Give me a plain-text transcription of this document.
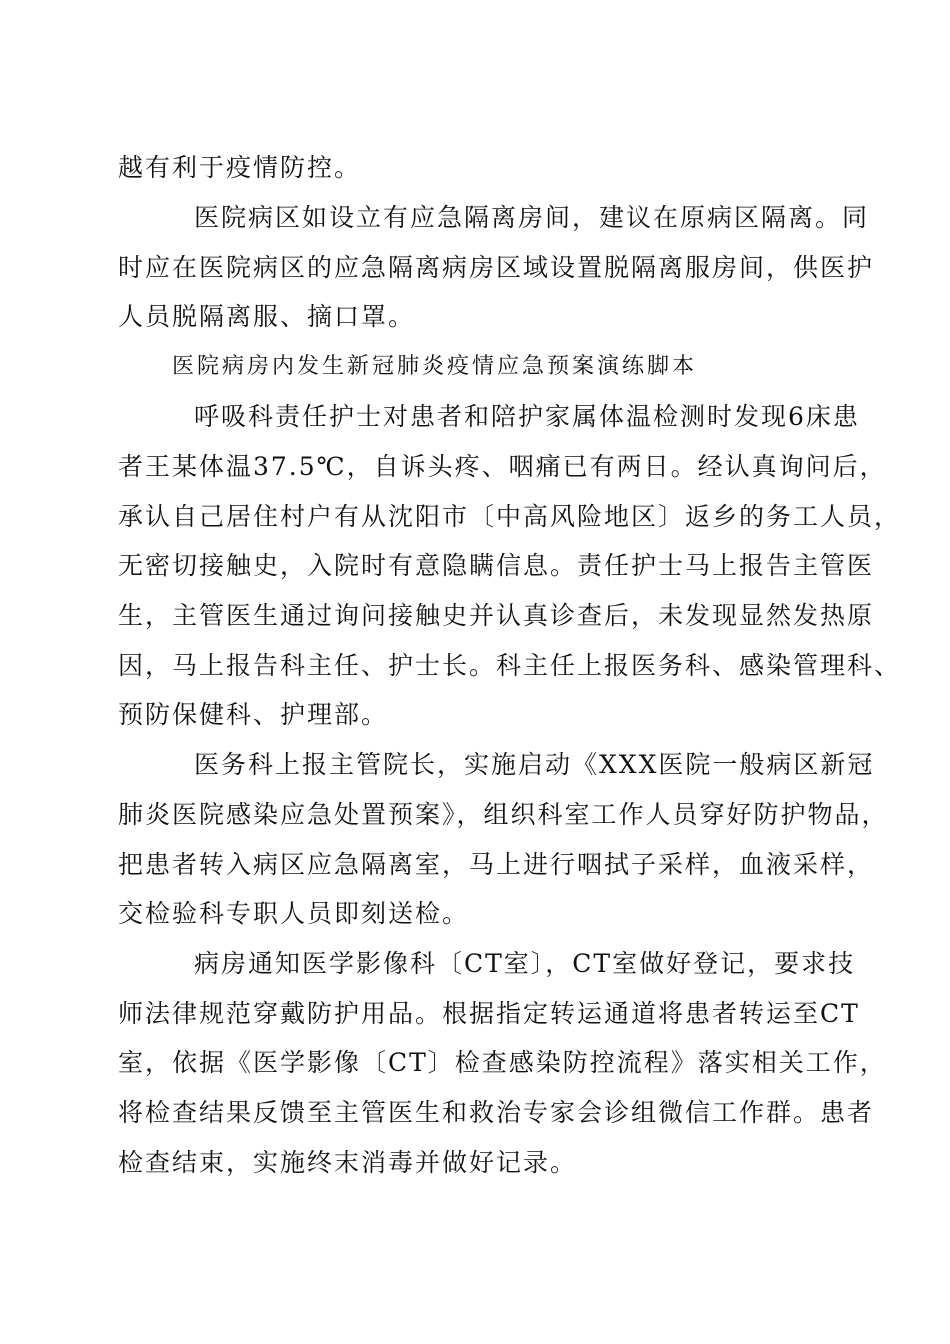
越有利于疫情防控。
医院病区如设立有应急隔离房间，建议在原病区隔离。同
时应在医院病区的应急隔离病房区域设置脱隔离服房间，供医护
人员脱隔离服、摘口罩。
医院病房内发生新冠肺炎疫情应急预案演练脚本
呼吸科责任护士对患者和陪护家属体温检测时发现6床患
者王某体温37.5℃，自诉头疼、咽痛已有两日。经认真询问后，
承认自己居住村户有从沈阳市〔中高风险地区〕返乡的务工人员，
无密切接触史，入院时有意隐瞒信息。责任护士马上报告主管医
生，主管医生通过询问接触史并认真诊查后，未发现显然发热原
因，马上报告科主任、护士长。科主任上报医务科、感染管理科、
预防保健科、护理部。
医务科上报主管院长，实施启动《XXX医院一般病区新冠
肺炎医院感染应急处置预案》，组织科室工作人员穿好防护物品，
把患者转入病区应急隔离室，马上进行咽拭子采样，血液采样，
交检验科专职人员即刻送检。
病房通知医学影像科〔CT室〕，CT室做好登记，要求技
师法律规范穿戴防护用品。根据指定转运通道将患者转运至CT
室，依据《医学影像〔CT〕检查感染防控流程》落实相关工作，
将检查结果反馈至主管医生和救治专家会诊组微信工作群。患者
检查结束，实施终末消毒并做好记录。
